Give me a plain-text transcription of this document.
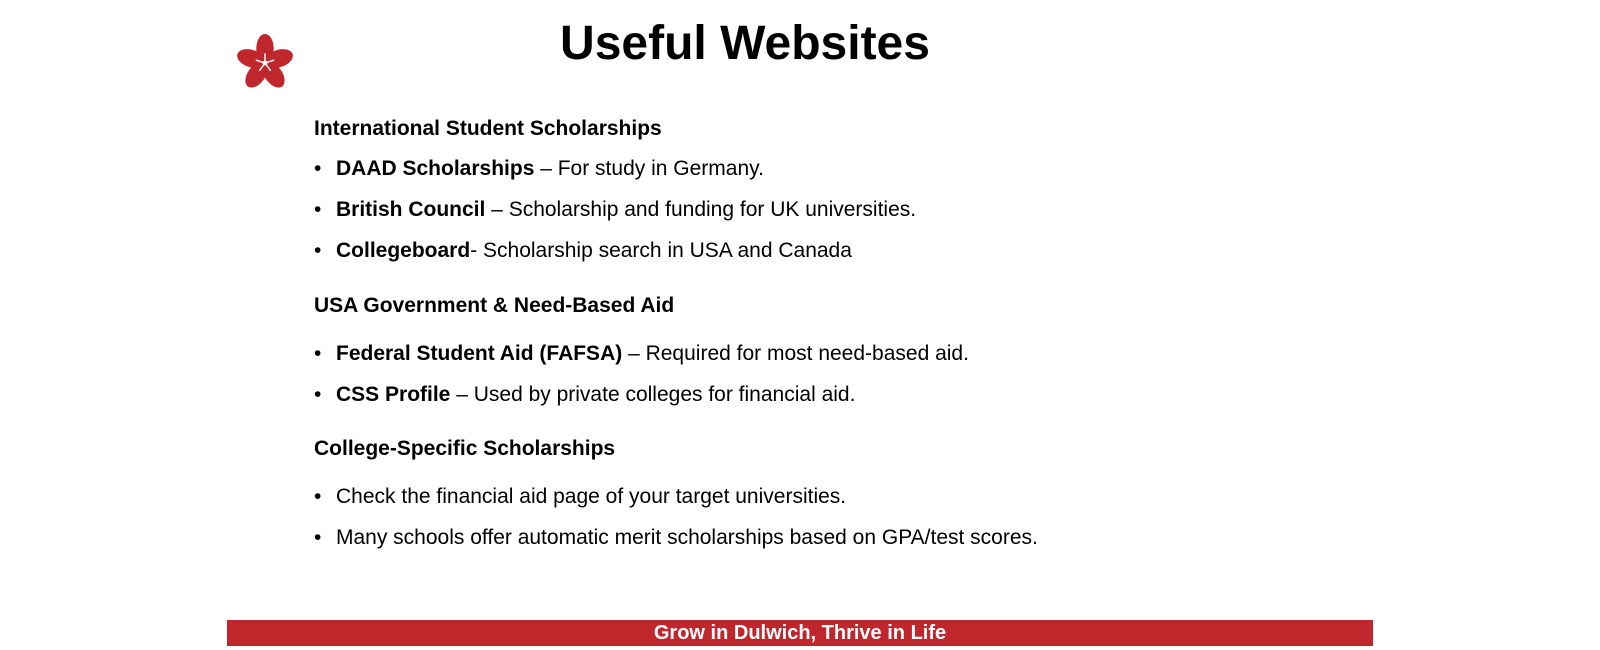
Useful Websites

International Student Scholarships

• DAAD Scholarships – For study in Germany.

• British Council – Scholarship and funding for UK universities.

• Collegeboard- Scholarship search in USA and Canada

USA Government & Need-Based Aid

• Federal Student Aid (FAFSA) – Required for most need-based aid.

• CSS Profile – Used by private colleges for financial aid.

College-Specific Scholarships

• Check the financial aid page of your target universities.

• Many schools offer automatic merit scholarships based on GPA/test scores.

Grow in Dulwich, Thrive in Life
